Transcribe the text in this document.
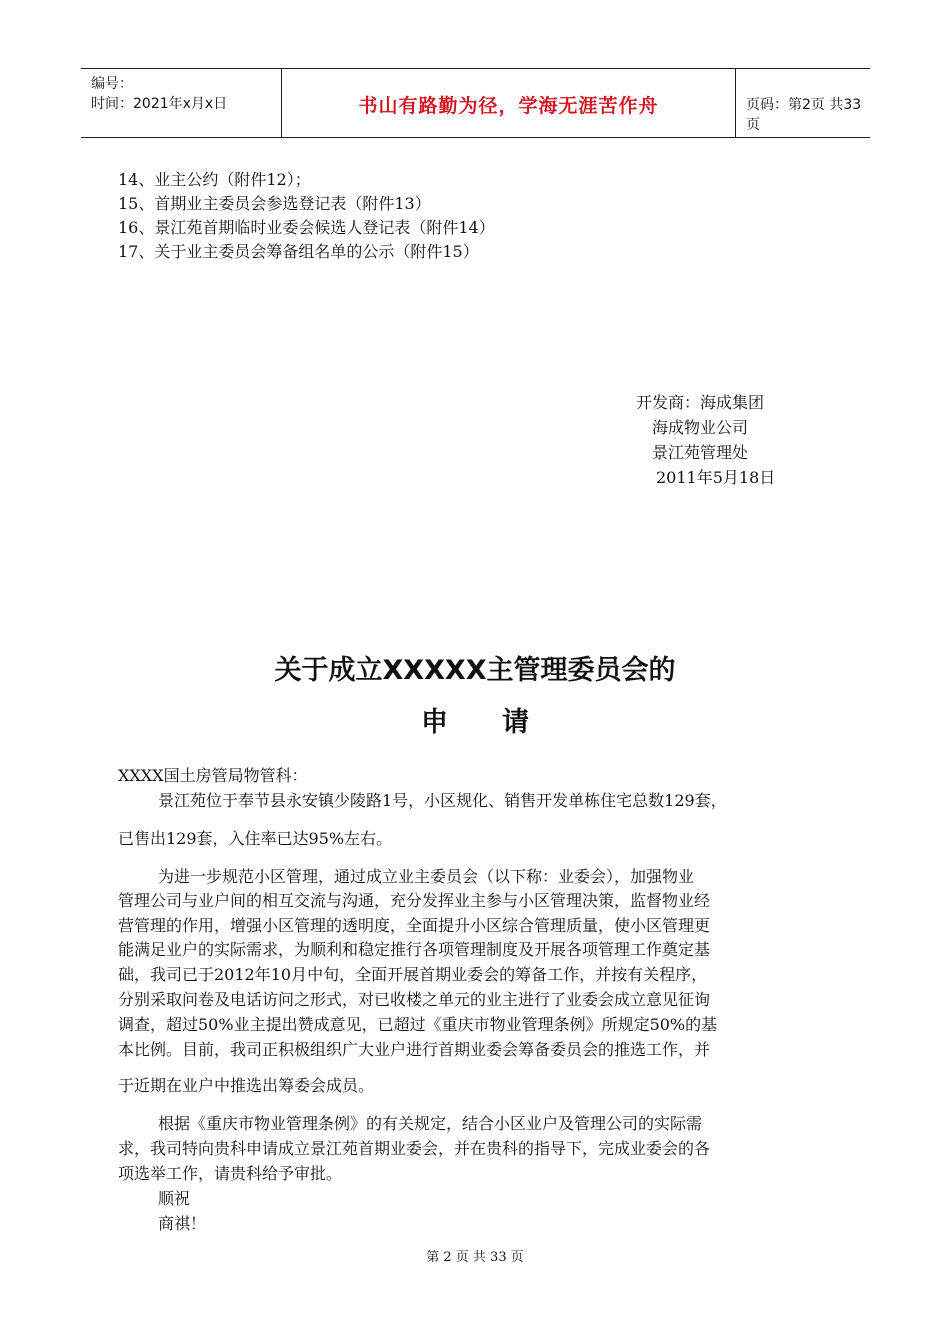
编号：
时间：2021年x月x日	书山有路勤为径，学海无涯苦作舟	页码：第2页 共33页
14、业主公约（附件12）；
15、首期业主委员会参选登记表（附件13）
16、景江苑首期临时业委会候选人登记表（附件14）
17、关于业主委员会筹备组名单的公示（附件15）
开发商：海成集团
海成物业公司
景江苑管理处
2011年5月18日
关于成立XXXXX主管理委员会的
申　　请
XXXX国土房管局物管科：
景江苑位于奉节县永安镇少陵路1号，小区规化、销售开发单栋住宅总数129套，
已售出129套，入住率已达95%左右。
为进一步规范小区管理，通过成立业主委员会（以下称：业委会），加强物业
管理公司与业户间的相互交流与沟通，充分发挥业主参与小区管理决策，监督物业经
营管理的作用，增强小区管理的透明度，全面提升小区综合管理质量，使小区管理更
能满足业户的实际需求，为顺利和稳定推行各项管理制度及开展各项管理工作奠定基
础，我司已于2012年10月中旬，全面开展首期业委会的筹备工作，并按有关程序，
分别采取问卷及电话访问之形式，对已收楼之单元的业主进行了业委会成立意见征询
调查，超过50%业主提出赞成意见，已超过《重庆市物业管理条例》所规定50%的基
本比例。目前，我司正积极组织广大业户进行首期业委会筹备委员会的推选工作，并
于近期在业户中推选出筹委会成员。
根据《重庆市物业管理条例》的有关规定，结合小区业户及管理公司的实际需
求，我司特向贵科申请成立景江苑首期业委会，并在贵科的指导下，完成业委会的各
项选举工作，请贵科给予审批。
顺祝
商祺！
第 2 页 共 33 页
